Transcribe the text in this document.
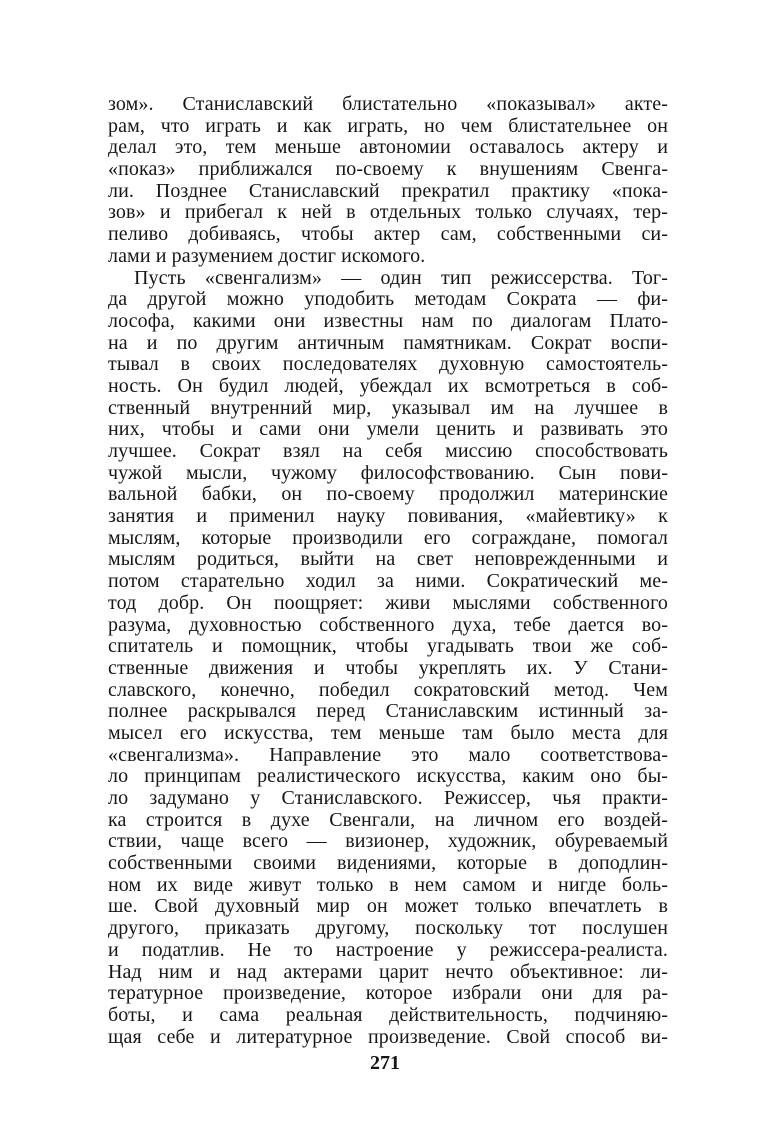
зом». Станиславский блистательно «показывал» акте-
рам, что играть и как играть, но чем блистательнее он
делал это, тем меньше автономии оставалось актеру и
«показ» приближался по-своему к внушениям Свенга-
ли. Позднее Станиславский прекратил практику «пока-
зов» и прибегал к ней в отдельных только случаях, тер-
пеливо добиваясь, чтобы актер сам, собственными си-
лами и разумением достиг искомого.
Пусть «свенгализм» — один тип режиссерства. Тог-
да другой можно уподобить методам Сократа — фи-
лософа, какими они известны нам по диалогам Плато-
на и по другим античным памятникам. Сократ воспи-
тывал в своих последователях духовную самостоятель-
ность. Он будил людей, убеждал их всмотреться в соб-
ственный внутренний мир, указывал им на лучшее в
них, чтобы и сами они умели ценить и развивать это
лучшее. Сократ взял на себя миссию способствовать
чужой мысли, чужому философствованию. Сын пови-
вальной бабки, он по-своему продолжил материнские
занятия и применил науку повивания, «майевтику» к
мыслям, которые производили его сограждане, помогал
мыслям родиться, выйти на свет неповрежденными и
потом старательно ходил за ними. Сократический ме-
тод добр. Он поощряет: живи мыслями собственного
разума, духовностью собственного духа, тебе дается во-
спитатель и помощник, чтобы угадывать твои же соб-
ственные движения и чтобы укреплять их. У Стани-
славского, конечно, победил сократовский метод. Чем
полнее раскрывался перед Станиславским истинный за-
мысел его искусства, тем меньше там было места для
«свенгализма». Направление это мало соответствова-
ло принципам реалистического искусства, каким оно бы-
ло задумано у Станиславского. Режиссер, чья практи-
ка строится в духе Свенгали, на личном его воздей-
ствии, чаще всего — визионер, художник, обуреваемый
собственными своими видениями, которые в доподлин-
ном их виде живут только в нем самом и нигде боль-
ше. Свой духовный мир он может только впечатлеть в
другого, приказать другому, поскольку тот послушен
и податлив. Не то настроение у режиссера-реалиста.
Над ним и над актерами царит нечто объективное: ли-
тературное произведение, которое избрали они для ра-
боты, и сама реальная действительность, подчиняю-
щая себе и литературное произведение. Свой способ ви-
271
